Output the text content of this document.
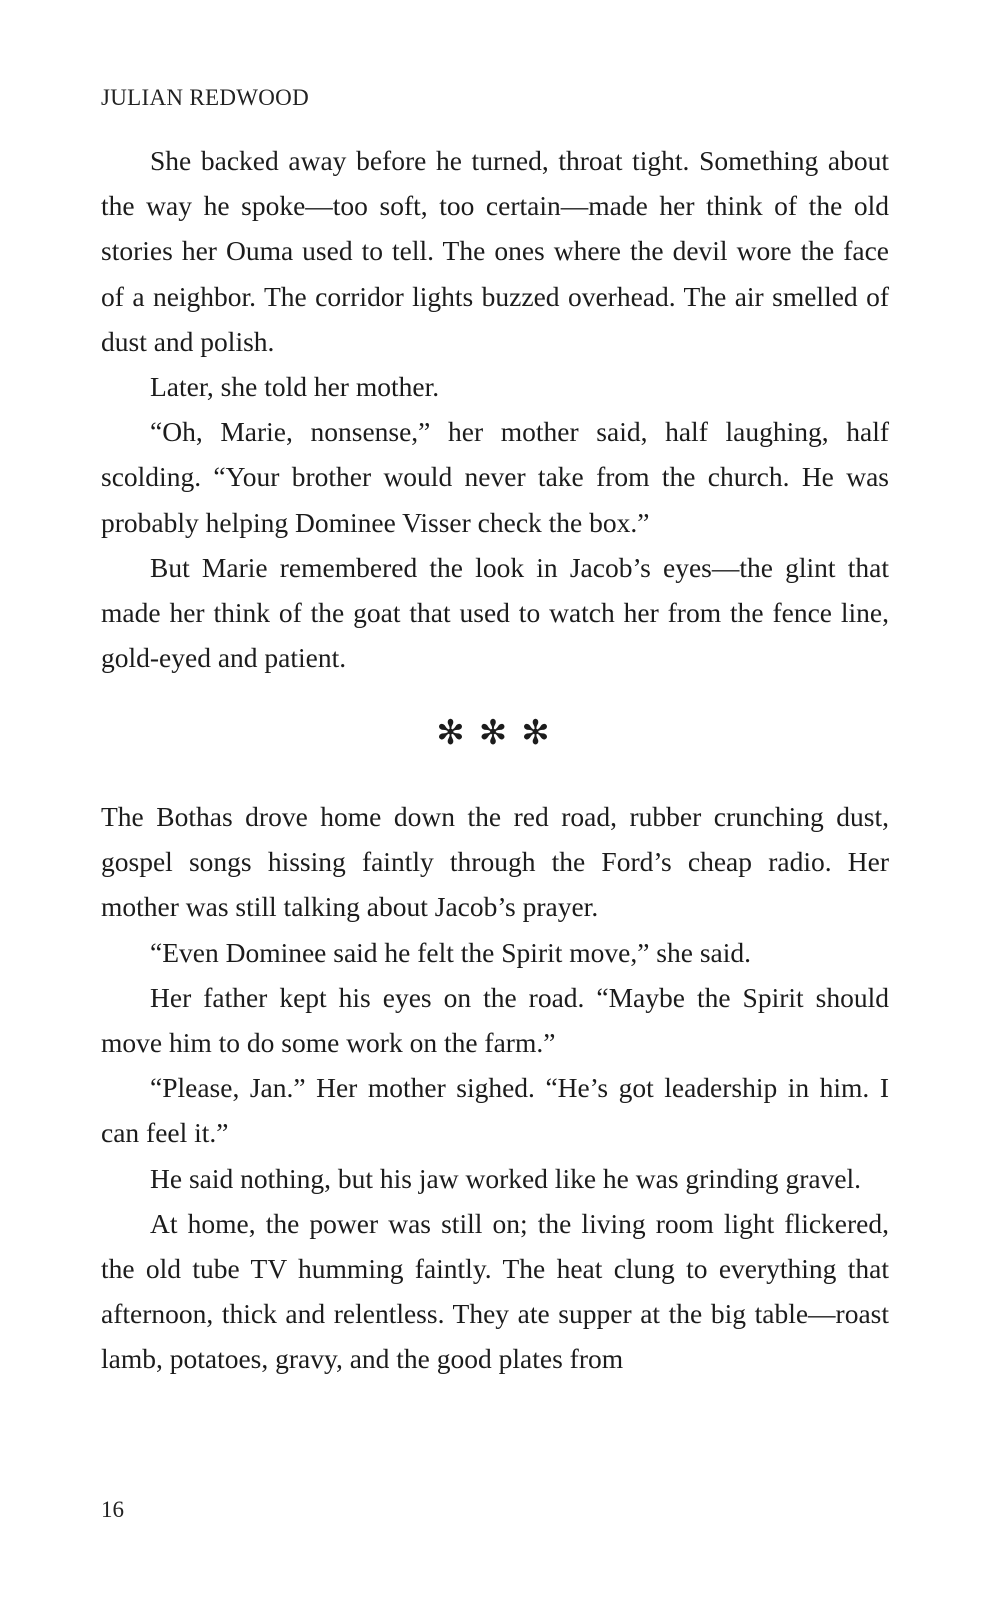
JULIAN REDWOOD

She backed away before he turned, throat tight. Something about the way he spoke—too soft, too certain—made her think of the old stories her Ouma used to tell. The ones where the devil wore the face of a neighbor. The corridor lights buzzed overhead. The air smelled of dust and polish.

Later, she told her mother.

“Oh, Marie, nonsense,” her mother said, half laughing, half scolding. “Your brother would never take from the church. He was probably helping Dominee Visser check the box.”

But Marie remembered the look in Jacob’s eyes—the glint that made her think of the goat that used to watch her from the fence line, gold-eyed and patient.

✻✻✻

The Bothas drove home down the red road, rubber crunching dust, gospel songs hissing faintly through the Ford’s cheap radio. Her mother was still talking about Jacob’s prayer.

“Even Dominee said he felt the Spirit move,” she said.

Her father kept his eyes on the road. “Maybe the Spirit should move him to do some work on the farm.”

“Please, Jan.” Her mother sighed. “He’s got leadership in him. I can feel it.”

He said nothing, but his jaw worked like he was grinding gravel.

At home, the power was still on; the living room light flickered, the old tube TV humming faintly. The heat clung to everything that afternoon, thick and relentless. They ate supper at the big table—roast lamb, potatoes, gravy, and the good plates from

16
